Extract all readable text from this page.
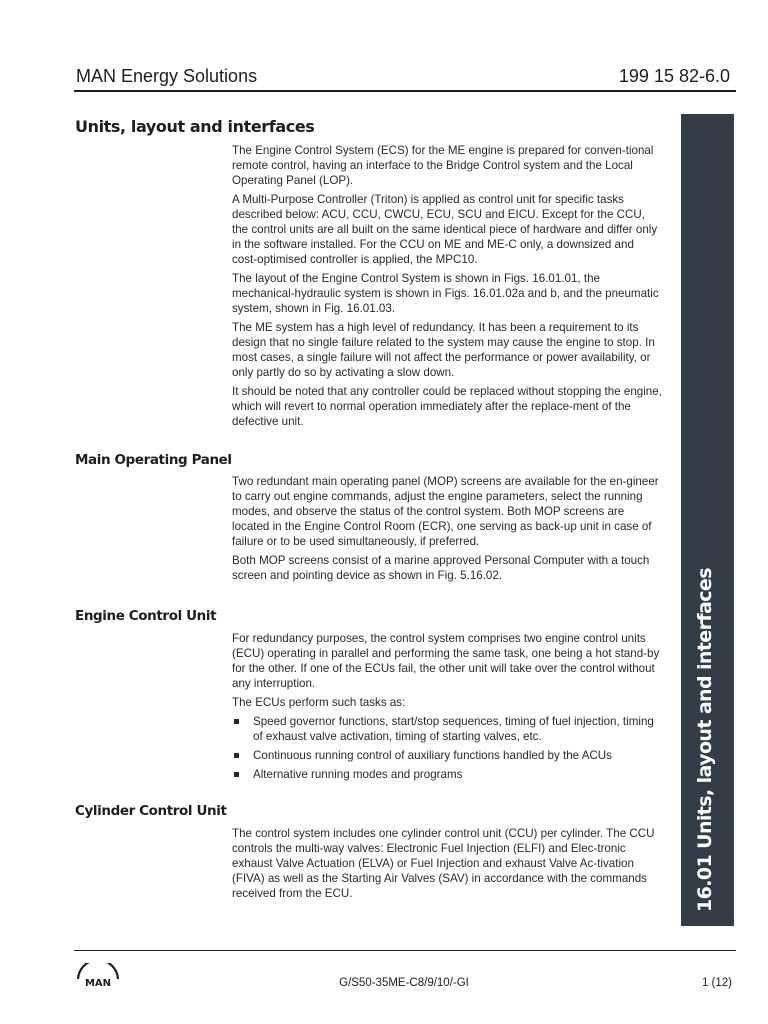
MAN Energy Solutions	199 15 82-6.0
16.01 Units, layout and interfaces
Units, layout and interfaces

The Engine Control System (ECS) for the ME engine is prepared for conven-tional remote control, having an interface to the Bridge Control system and the Local Operating Panel (LOP).

A Multi-Purpose Controller (Triton) is applied as control unit for specific tasks described below: ACU, CCU, CWCU, ECU, SCU and EICU. Except for the CCU, the control units are all built on the same identical piece of hardware and differ only in the software installed. For the CCU on ME and ME-C only, a downsized and cost-optimised controller is applied, the MPC10.

The layout of the Engine Control System is shown in Figs. 16.01.01, the mechanical-hydraulic system is shown in Figs. 16.01.02a and b, and the pneumatic system, shown in Fig. 16.01.03.

The ME system has a high level of redundancy. It has been a requirement to its design that no single failure related to the system may cause the engine to stop. In most cases, a single failure will not affect the performance or power availability, or only partly do so by activating a slow down.

It should be noted that any controller could be replaced without stopping the engine, which will revert to normal operation immediately after the replace-ment of the defective unit.

Main Operating Panel

Two redundant main operating panel (MOP) screens are available for the en-gineer to carry out engine commands, adjust the engine parameters, select the running modes, and observe the status of the control system. Both MOP screens are located in the Engine Control Room (ECR), one serving as back-up unit in case of failure or to be used simultaneously, if preferred.

Both MOP screens consist of a marine approved Personal Computer with a touch screen and pointing device as shown in Fig. 5.16.02.

Engine Control Unit

For redundancy purposes, the control system comprises two engine control units (ECU) operating in parallel and performing the same task, one being a hot stand-by for the other. If one of the ECUs fail, the other unit will take over the control without any interruption.

The ECUs perform such tasks as:

Speed governor functions, start/stop sequences, timing of fuel injection, timing of exhaust valve activation, timing of starting valves, etc.
Continuous running control of auxiliary functions handled by the ACUs
Alternative running modes and programs
Cylinder Control Unit

The control system includes one cylinder control unit (CCU) per cylinder. The CCU controls the multi-way valves: Electronic Fuel Injection (ELFI) and Elec-tronic exhaust Valve Actuation (ELVA) or Fuel Injection and exhaust Valve Ac-tivation (FIVA) as well as the Starting Air Valves (SAV) in accordance with the commands received from the ECU.

MAN	G/S50-35ME-C8/9/10/-GI	1 (12)
